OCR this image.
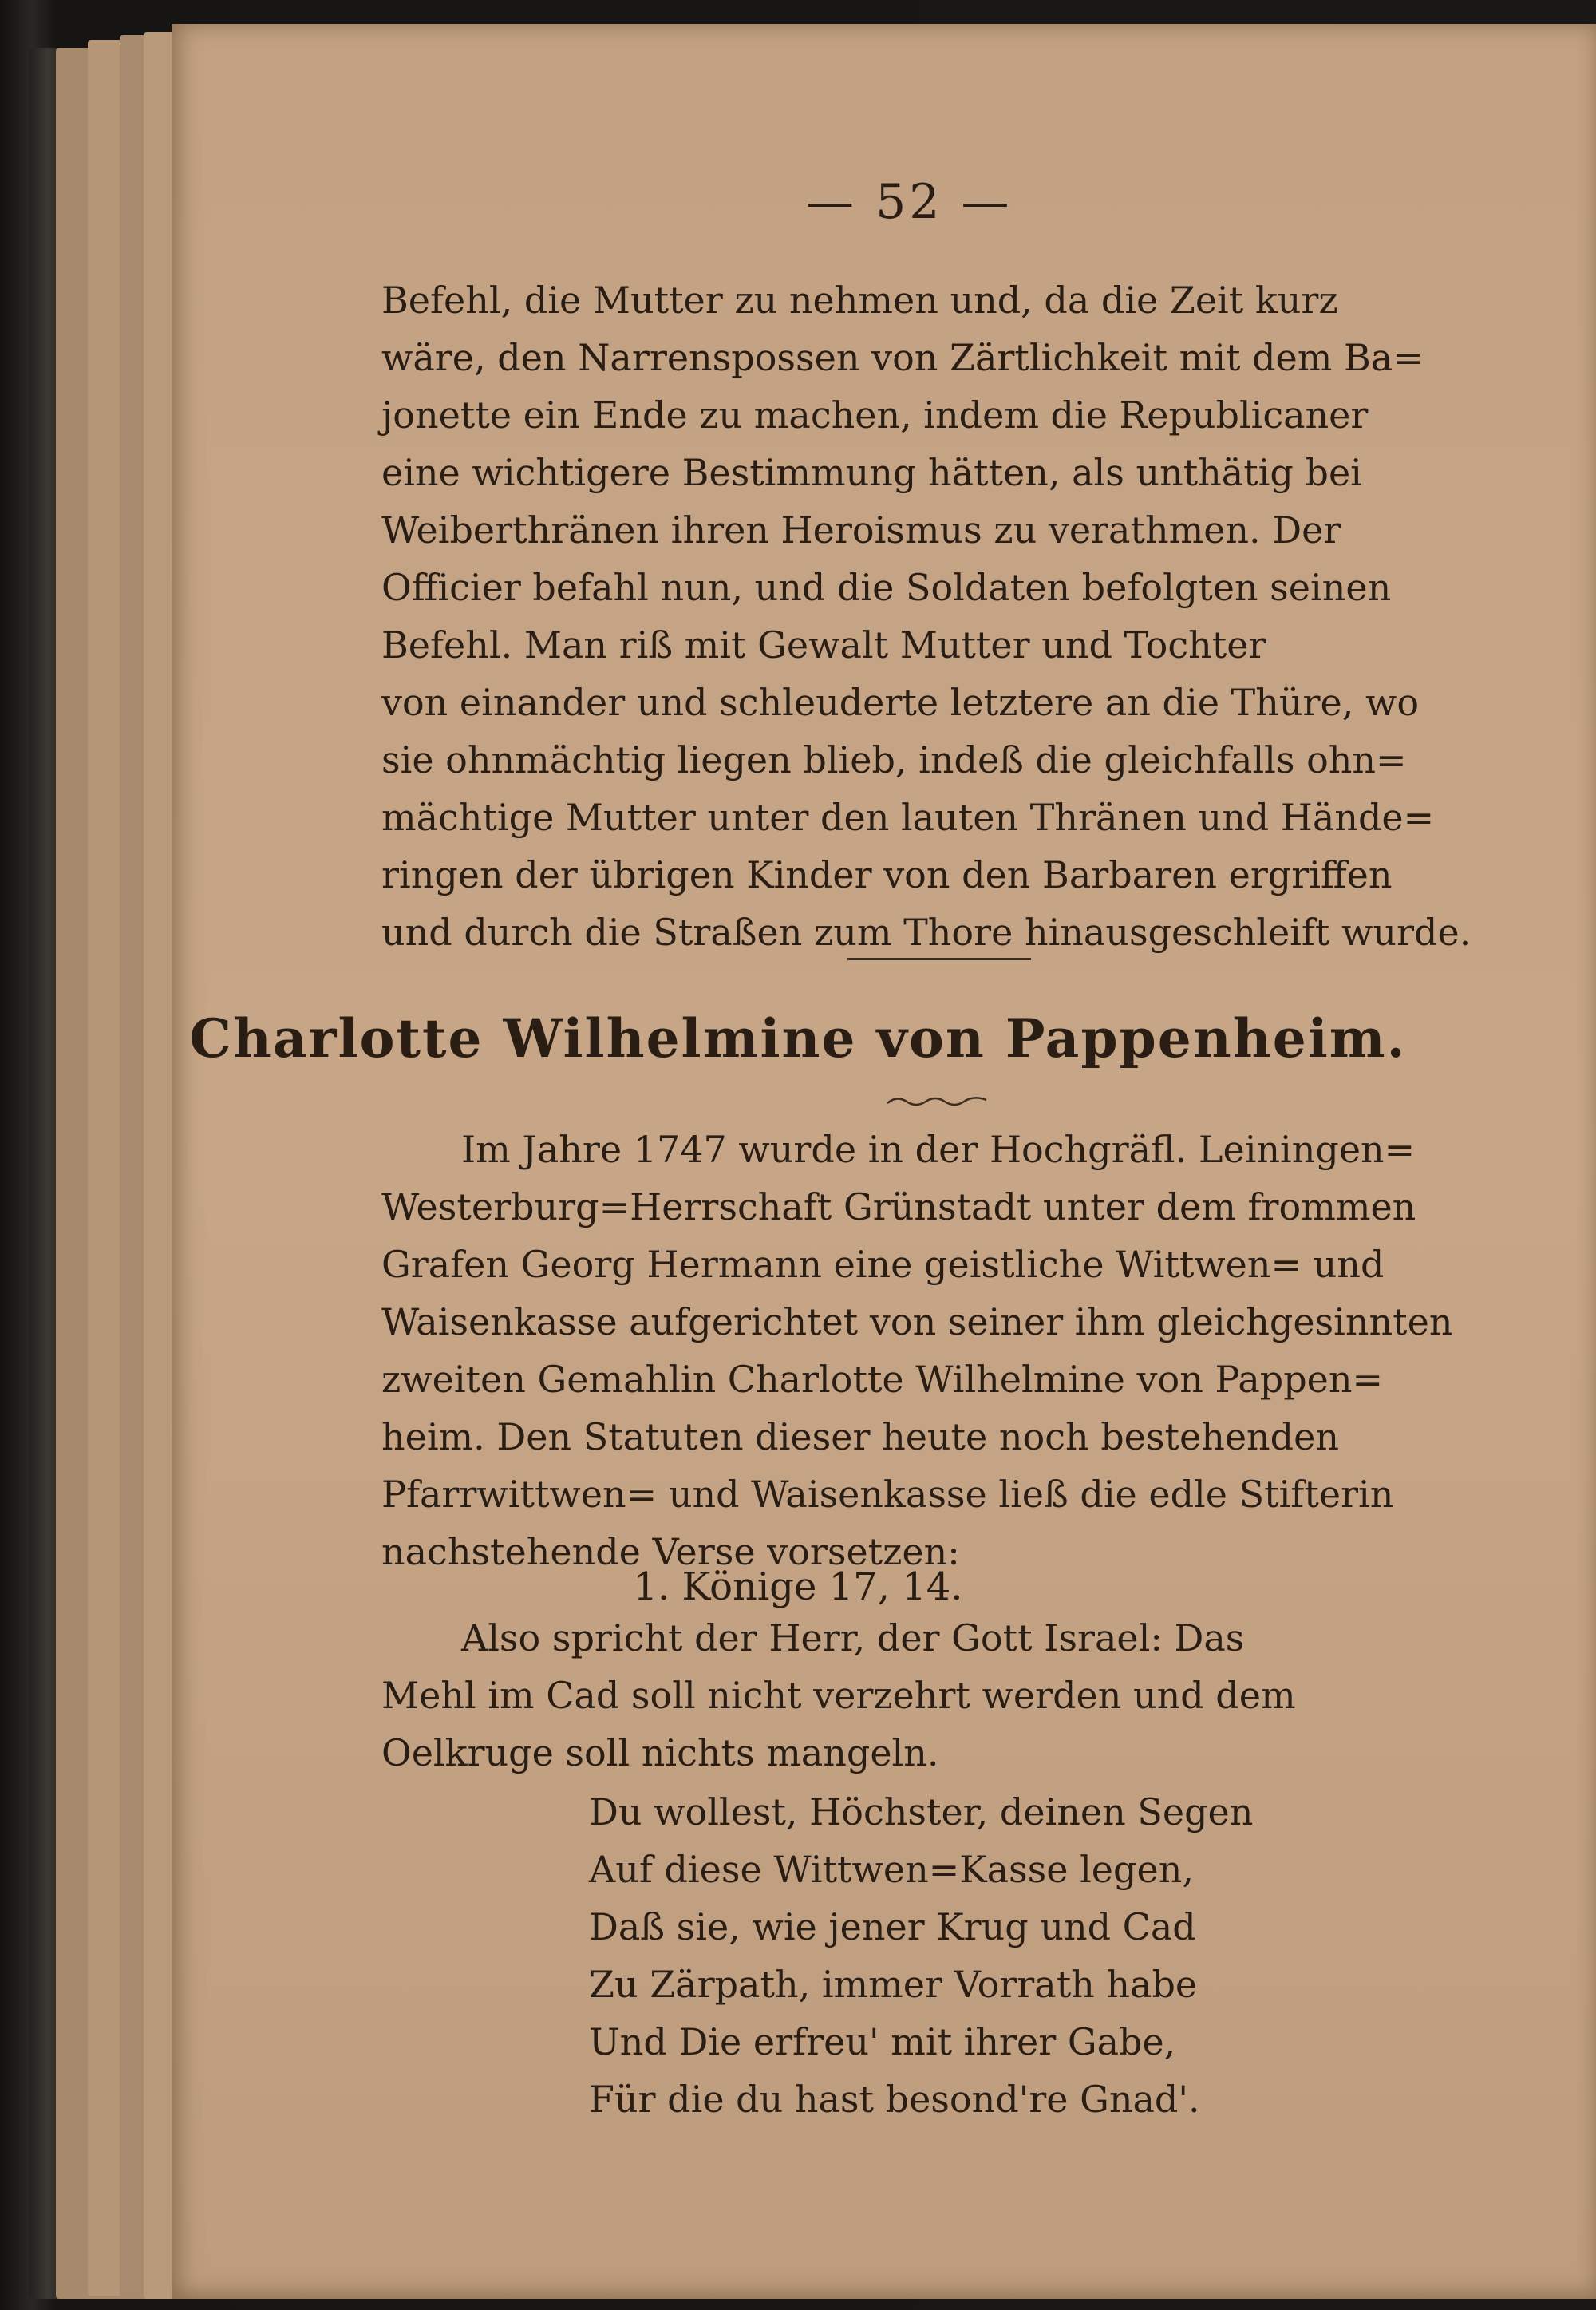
— 52 —
Befehl, die Mutter zu nehmen und, da die Zeit kurz
wäre, den Narrenspossen von Zärtlichkeit mit dem Ba=
jonette ein Ende zu machen, indem die Republicaner
eine wichtigere Bestimmung hätten, als unthätig bei
Weiberthränen ihren Heroismus zu verathmen. Der
Officier befahl nun, und die Soldaten befolgten seinen
Befehl. Man riß mit Gewalt Mutter und Tochter
von einander und schleuderte letztere an die Thüre, wo
sie ohnmächtig liegen blieb, indeß die gleichfalls ohn=
mächtige Mutter unter den lauten Thränen und Hände=
ringen der übrigen Kinder von den Barbaren ergriffen
und durch die Straßen zum Thore hinausgeschleift wurde.
Charlotte Wilhelmine von Pappenheim.
Im Jahre 1747 wurde in der Hochgräfl. Leiningen=
Westerburg=Herrschaft Grünstadt unter dem frommen
Grafen Georg Hermann eine geistliche Wittwen= und
Waisenkasse aufgerichtet von seiner ihm gleichgesinnten
zweiten Gemahlin Charlotte Wilhelmine von Pappen=
heim. Den Statuten dieser heute noch bestehenden
Pfarrwittwen= und Waisenkasse ließ die edle Stifterin
nachstehende Verse vorsetzen:
1. Könige 17, 14.
Also spricht der Herr, der Gott Israel: Das
Mehl im Cad soll nicht verzehrt werden und dem
Oelkruge soll nichts mangeln.
Du wollest, Höchster, deinen Segen
Auf diese Wittwen=Kasse legen,
Daß sie, wie jener Krug und Cad
Zu Zärpath, immer Vorrath habe
Und Die erfreu' mit ihrer Gabe,
Für die du hast besond're Gnad'.
